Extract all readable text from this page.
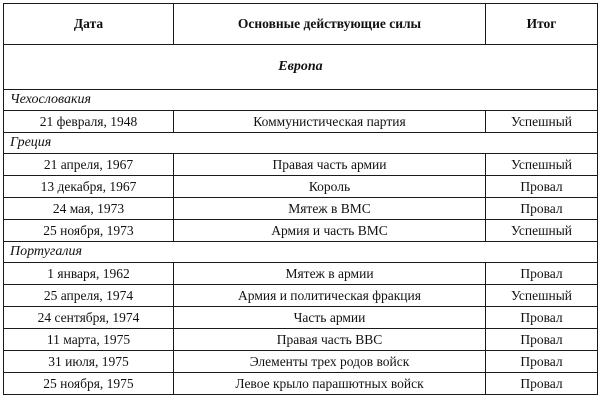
Дата	Основные действующие силы	Итог
Европа		
Чехословакия		
21 февраля, 1948	Коммунистическая партия	Успешный
Греция		
21 апреля, 1967	Правая часть армии	Успешный
13 декабря, 1967	Король	Провал
24 мая, 1973	Мятеж в ВМС	Провал
25 ноября, 1973	Армия и часть ВМС	Успешный
Португалия		
1 января, 1962	Мятеж в армии	Провал
25 апреля, 1974	Армия и политическая фракция	Успешный
24 сентября, 1974	Часть армии	Провал
11 марта, 1975	Правая часть ВВС	Провал
31 июля, 1975	Элементы трех родов войск	Провал
25 ноября, 1975	Левое крыло парашютных войск	Провал
